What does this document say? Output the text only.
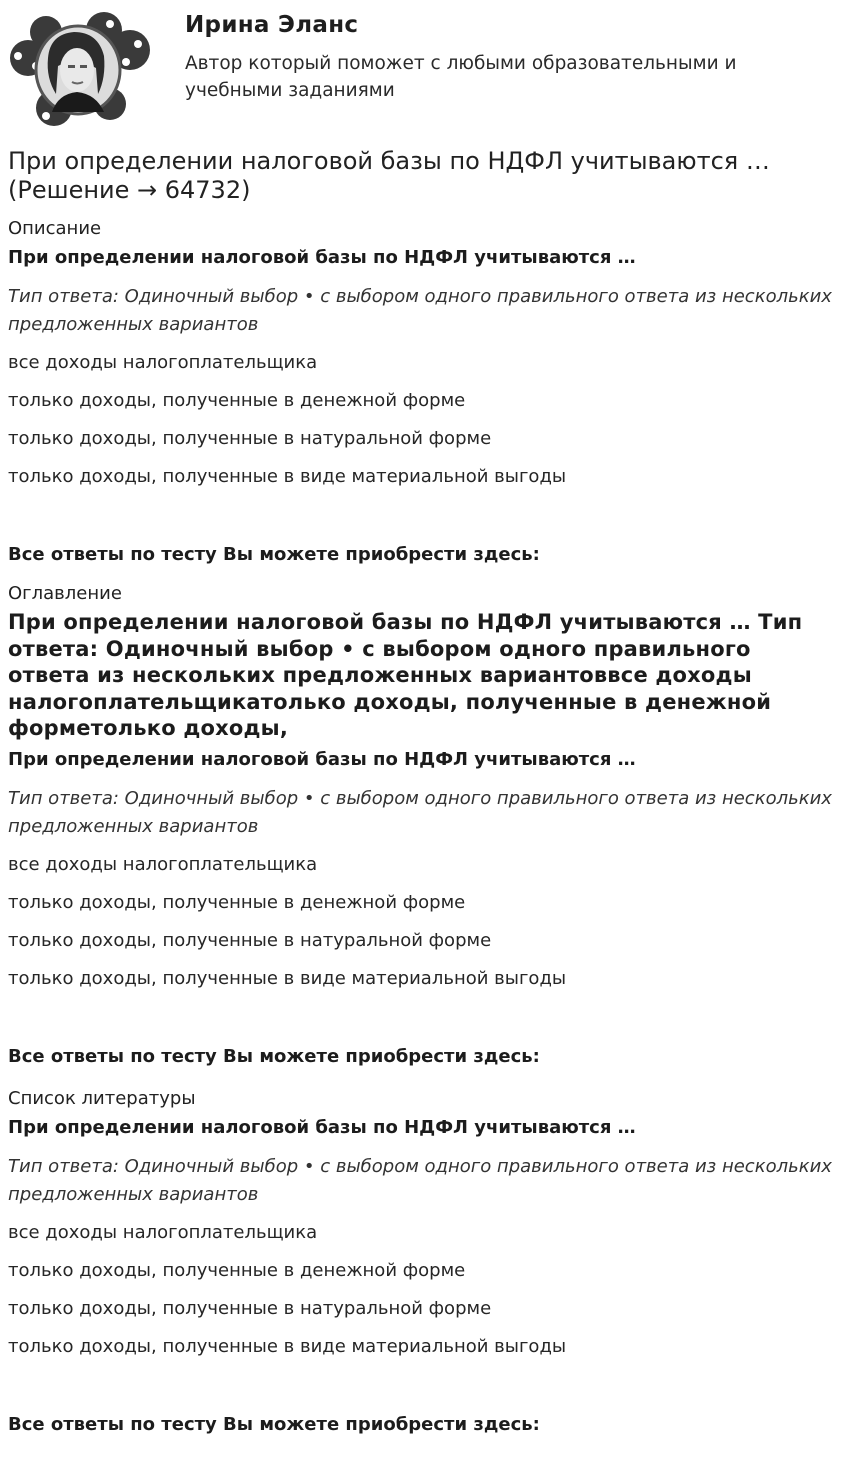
Ирина Эланс
Автор который поможет с любыми образовательными и учебными заданиями
При определении налоговой базы по НДФЛ учитываются … (Решение → 64732)
Описание
При определении налоговой базы по НДФЛ учитываются …
Тип ответа: Одиночный выбор • с выбором одного правильного ответа из нескольких предложенных вариантов
все доходы налогоплательщика
только доходы, полученные в денежной форме
только доходы, полученные в натуральной форме
только доходы, полученные в виде материальной выгоды
Все ответы по тесту Вы можете приобрести здесь:
Оглавление
При определении налоговой базы по НДФЛ учитываются … Тип ответа: Одиночный выбор • с выбором одного правильного ответа из нескольких предложенных вариантоввсе доходы налогоплательщикатолько доходы, полученные в денежной форметолько доходы,
При определении налоговой базы по НДФЛ учитываются …
Тип ответа: Одиночный выбор • с выбором одного правильного ответа из нескольких предложенных вариантов
все доходы налогоплательщика
только доходы, полученные в денежной форме
только доходы, полученные в натуральной форме
только доходы, полученные в виде материальной выгоды
Все ответы по тесту Вы можете приобрести здесь:
Список литературы
При определении налоговой базы по НДФЛ учитываются …
Тип ответа: Одиночный выбор • с выбором одного правильного ответа из нескольких предложенных вариантов
все доходы налогоплательщика
только доходы, полученные в денежной форме
только доходы, полученные в натуральной форме
только доходы, полученные в виде материальной выгоды
Все ответы по тесту Вы можете приобрести здесь:
